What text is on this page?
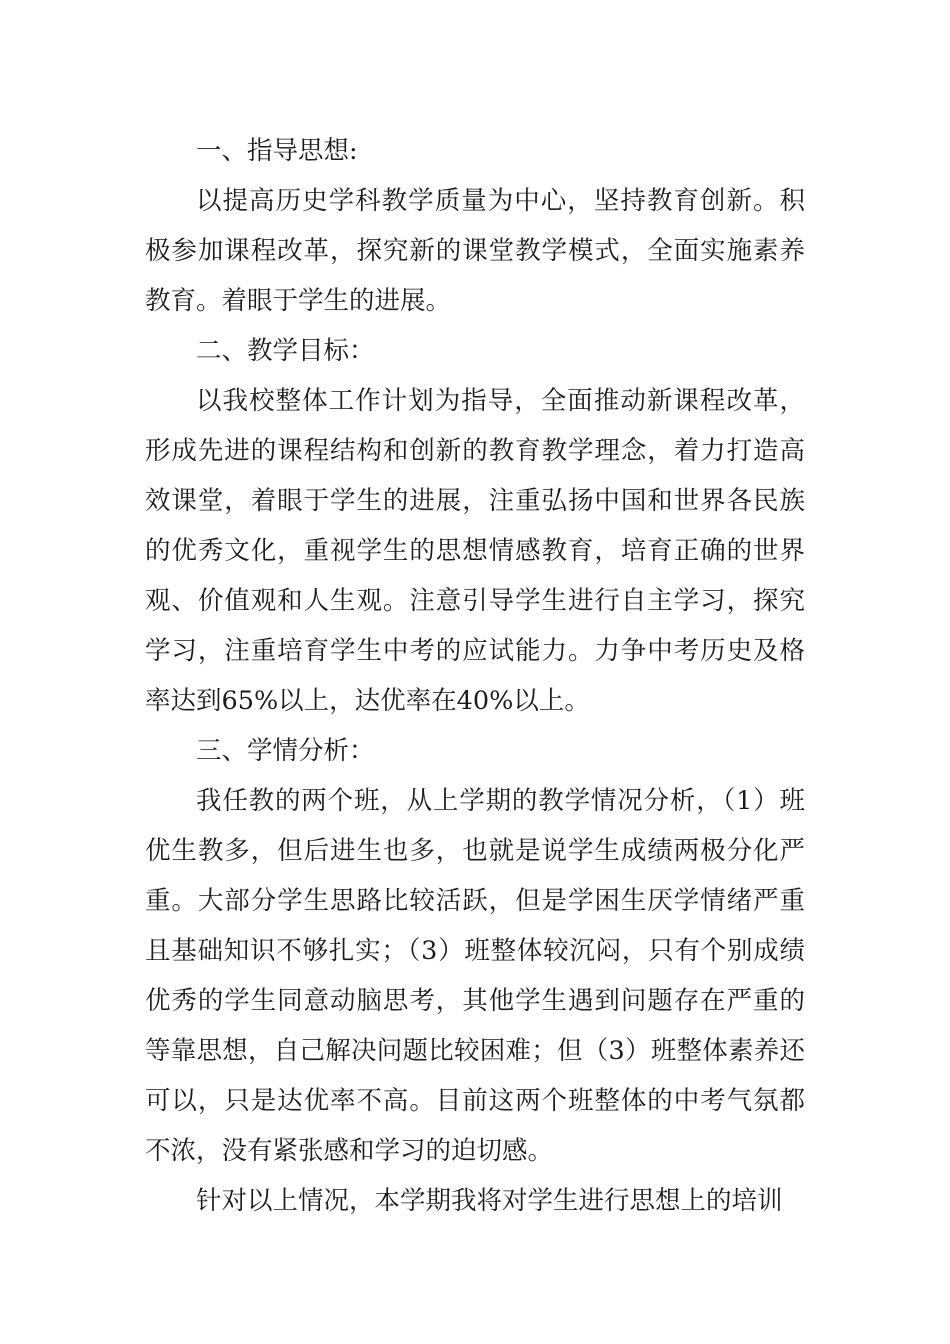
一、指导思想:

以提高历史学科教学质量为中心，坚持教育创新。积极参加课程改革，探究新的课堂教学模式，全面实施素养教育。着眼于学生的进展。

二、教学目标：

以我校整体工作计划为指导，全面推动新课程改革，形成先进的课程结构和创新的教育教学理念，着力打造高效课堂，着眼于学生的进展，注重弘扬中国和世界各民族的优秀文化，重视学生的思想情感教育，培育正确的世界观、价值观和人生观。注意引导学生进行自主学习，探究学习，注重培育学生中考的应试能力。力争中考历史及格率达到65%以上，达优率在40%以上。

三、学情分析：

我任教的两个班，从上学期的教学情况分析，（1）班优生教多，但后进生也多，也就是说学生成绩两极分化严重。大部分学生思路比较活跃，但是学困生厌学情绪严重且基础知识不够扎实；（3）班整体较沉闷，只有个别成绩优秀的学生同意动脑思考，其他学生遇到问题存在严重的等靠思想，自己解决问题比较困难；但（3）班整体素养还可以，只是达优率不高。目前这两个班整体的中考气氛都不浓，没有紧张感和学习的迫切感。

针对以上情况，本学期我将对学生进行思想上的培训
